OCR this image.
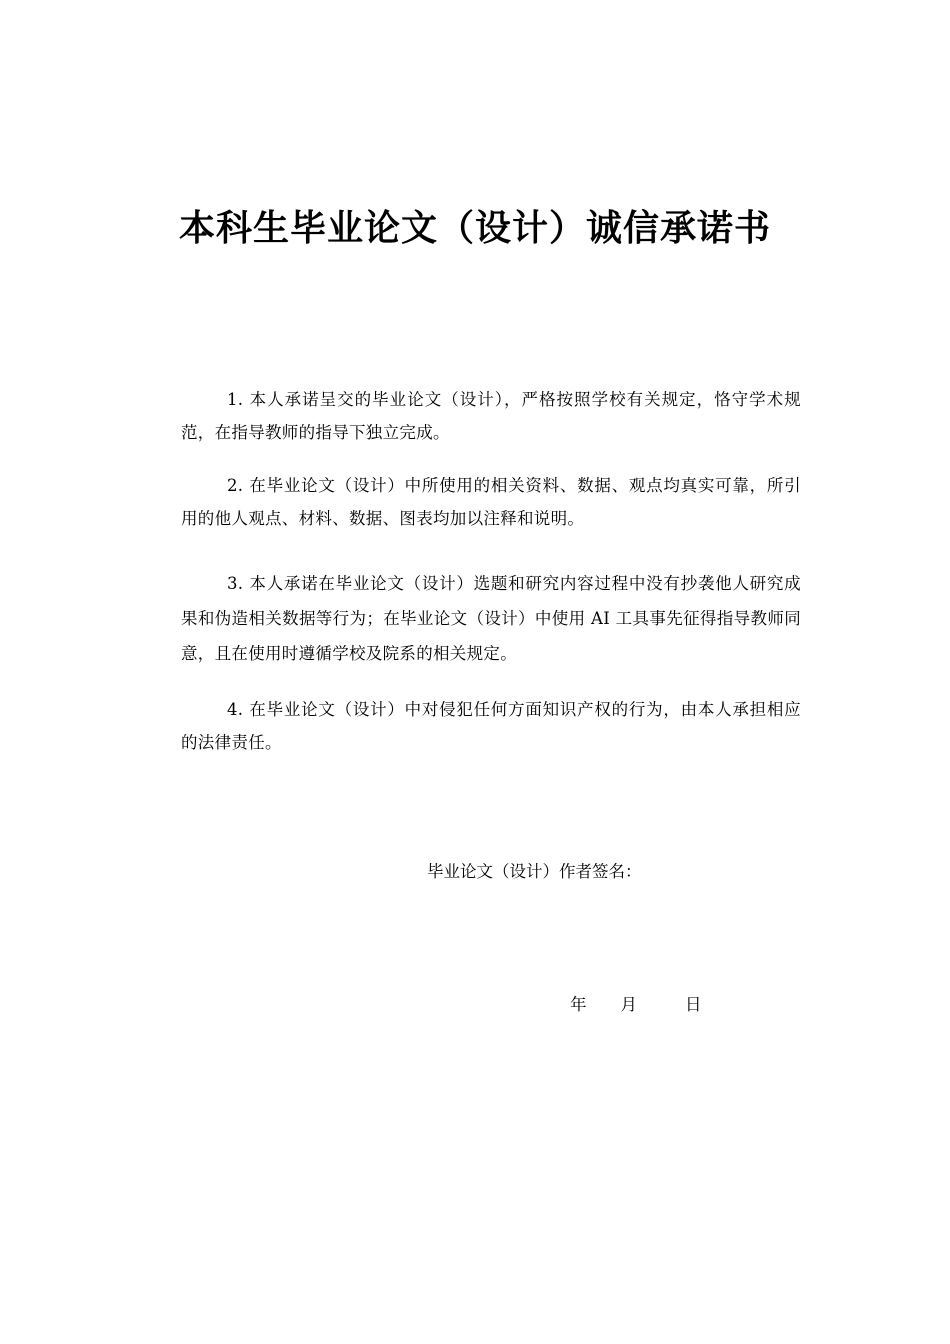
本科生毕业论文（设计）诚信承诺书
1. 本人承诺呈交的毕业论文（设计），严格按照学校有关规定，恪守学术规范，在指导教师的指导下独立完成。
2. 在毕业论文（设计）中所使用的相关资料、数据、观点均真实可靠，所引用的他人观点、材料、数据、图表均加以注释和说明。
3. 本人承诺在毕业论文（设计）选题和研究内容过程中没有抄袭他人研究成果和伪造相关数据等行为；在毕业论文（设计）中使用 AI 工具事先征得指导教师同意，且在使用时遵循学校及院系的相关规定。
4. 在毕业论文（设计）中对侵犯任何方面知识产权的行为，由本人承担相应的法律责任。
毕业论文（设计）作者签名：
年 月	日
